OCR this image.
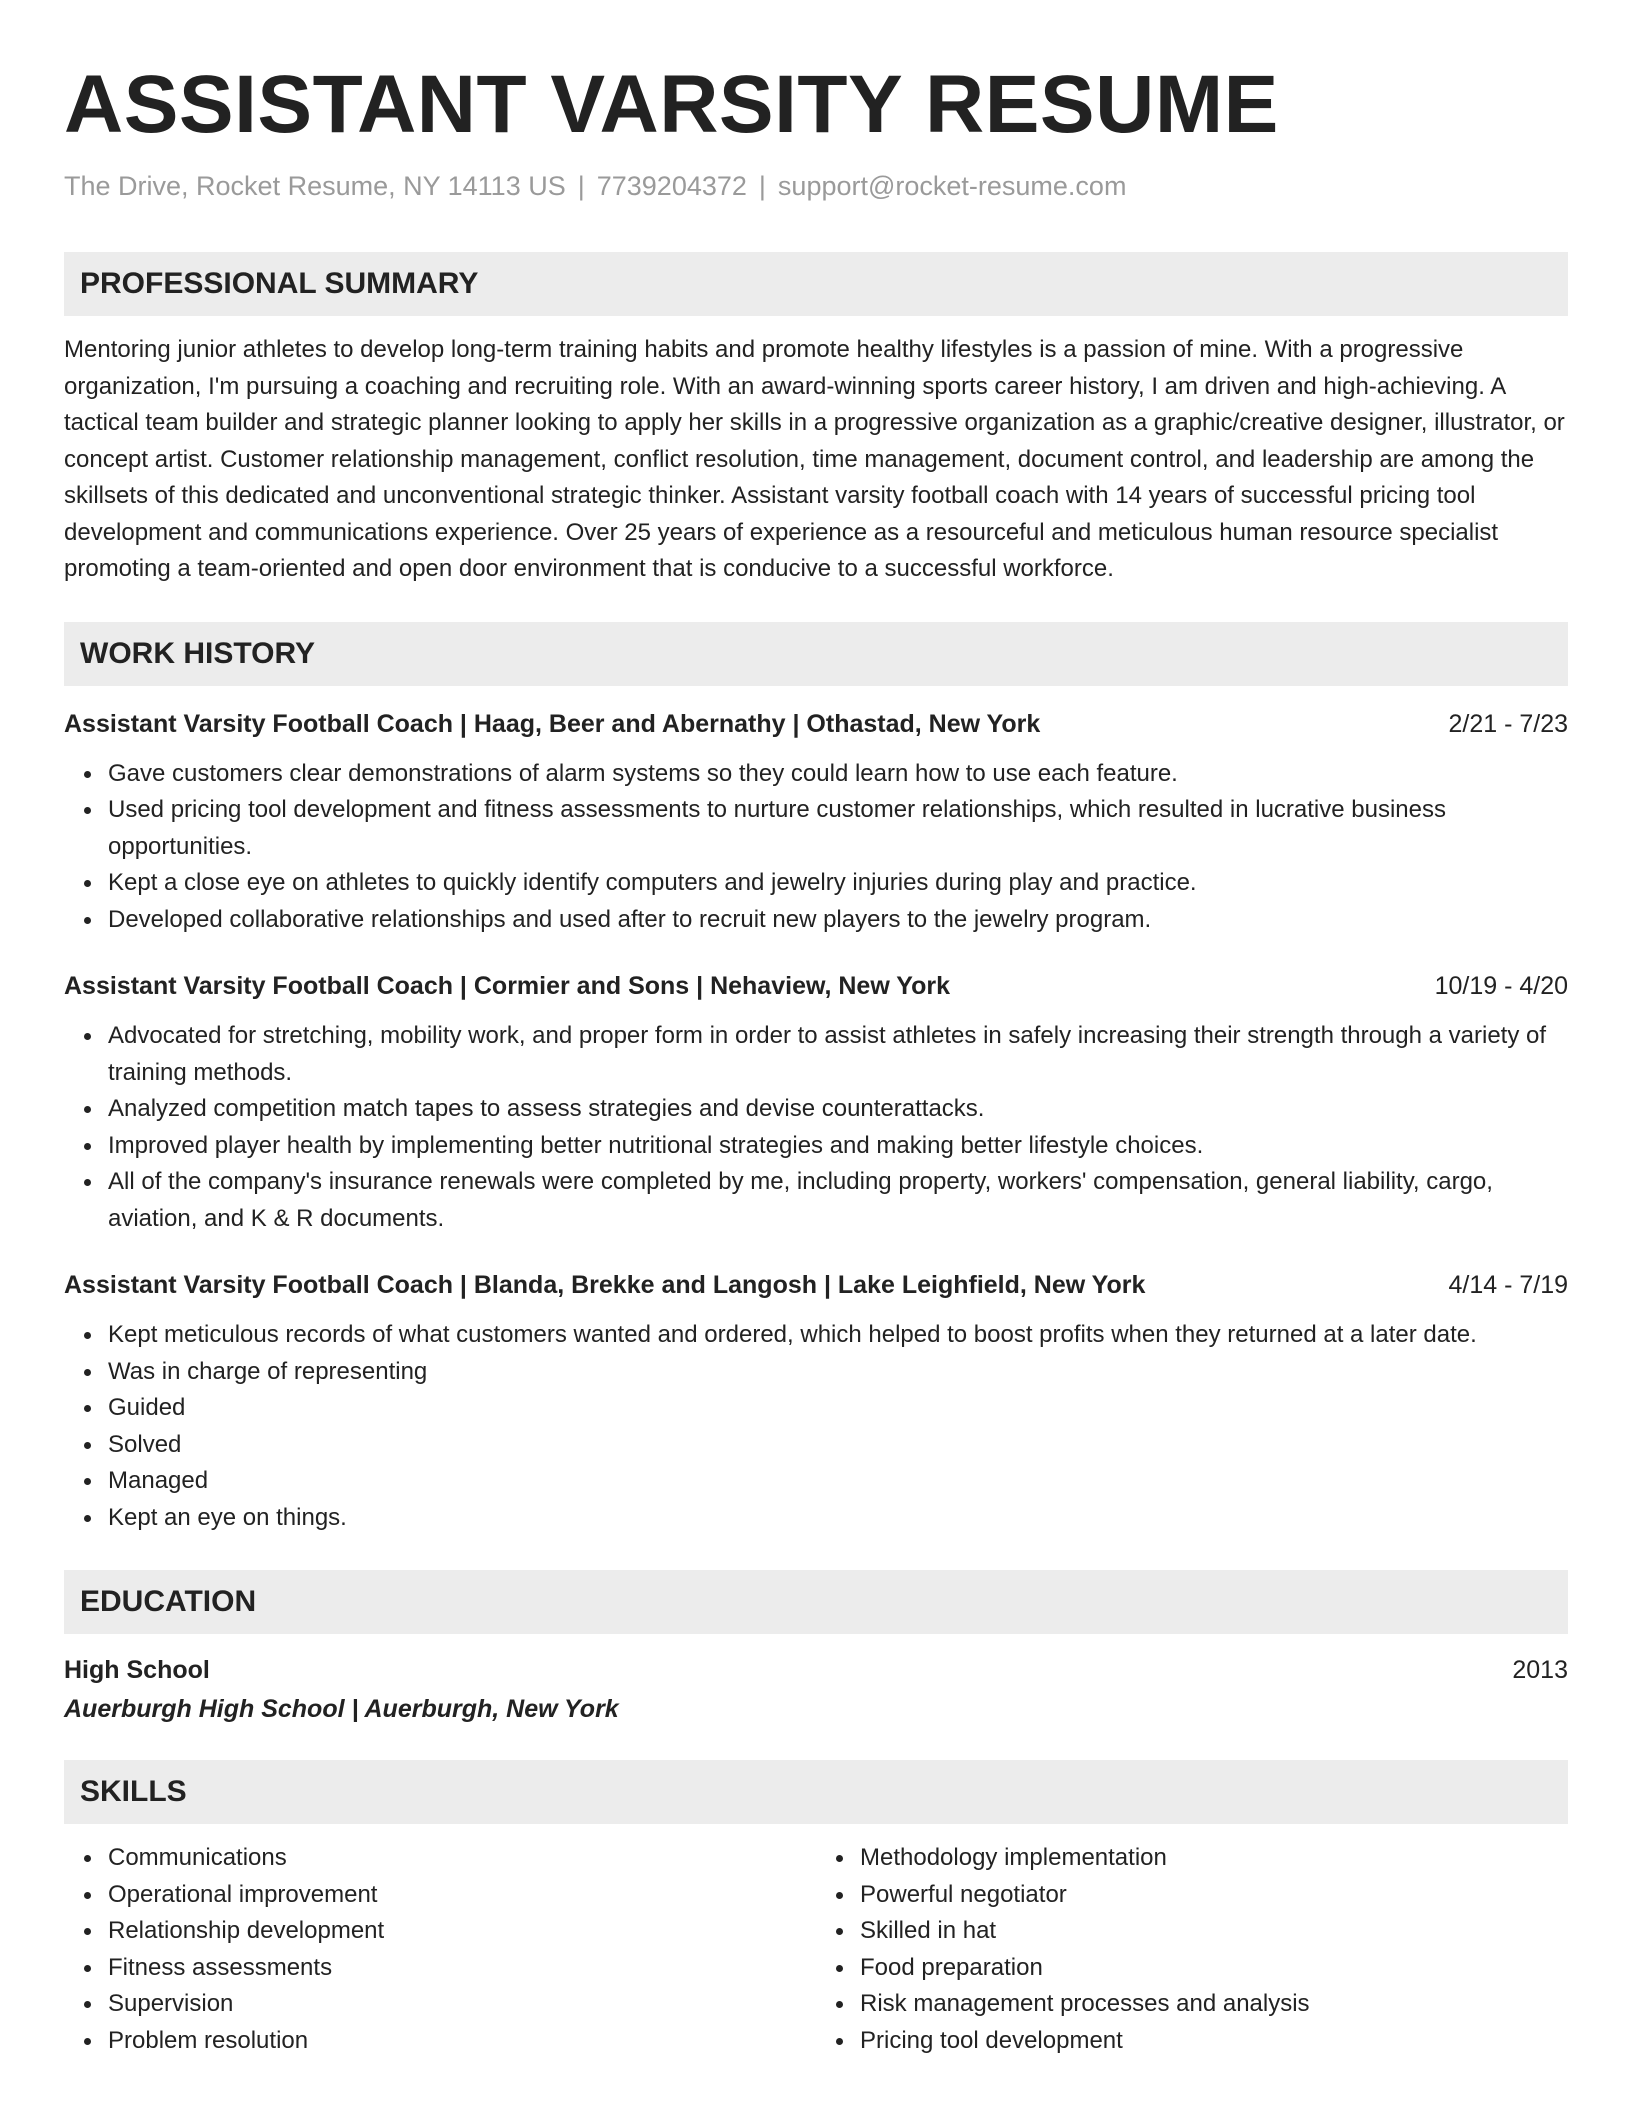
ASSISTANT VARSITY RESUME
The Drive, Rocket Resume, NY 14113 US | 7739204372 | support@rocket-resume.com
PROFESSIONAL SUMMARY

Mentoring junior athletes to develop long-term training habits and promote healthy lifestyles is a passion of mine. With a progressive organization, I'm pursuing a coaching and recruiting role. With an award-winning sports career history, I am driven and high-achieving. A tactical team builder and strategic planner looking to apply her skills in a progressive organization as a graphic/creative designer, illustrator, or concept artist. Customer relationship management, conflict resolution, time management, document control, and leadership are among the skillsets of this dedicated and unconventional strategic thinker. Assistant varsity football coach with 14 years of successful pricing tool development and communications experience. Over 25 years of experience as a resourceful and meticulous human resource specialist promoting a team-oriented and open door environment that is conducive to a successful workforce.

WORK HISTORY
Assistant Varsity Football Coach | Haag, Beer and Abernathy | Othastad, New York	2/21 - 7/23
Gave customers clear demonstrations of alarm systems so they could learn how to use each feature.
Used pricing tool development and fitness assessments to nurture customer relationships, which resulted in lucrative business opportunities.
Kept a close eye on athletes to quickly identify computers and jewelry injuries during play and practice.
Developed collaborative relationships and used after to recruit new players to the jewelry program.
Assistant Varsity Football Coach | Cormier and Sons | Nehaview, New York	10/19 - 4/20
Advocated for stretching, mobility work, and proper form in order to assist athletes in safely increasing their strength through a variety of training methods.
Analyzed competition match tapes to assess strategies and devise counterattacks.
Improved player health by implementing better nutritional strategies and making better lifestyle choices.
All of the company's insurance renewals were completed by me, including property, workers' compensation, general liability, cargo, aviation, and K & R documents.
Assistant Varsity Football Coach | Blanda, Brekke and Langosh | Lake Leighfield, New York	4/14 - 7/19
Kept meticulous records of what customers wanted and ordered, which helped to boost profits when they returned at a later date.
Was in charge of representing
Guided
Solved
Managed
Kept an eye on things.
EDUCATION
High School	2013
Auerburgh High School | Auerburgh, New York
SKILLS
Communications
Operational improvement
Relationship development
Fitness assessments
Supervision
Problem resolution
Methodology implementation
Powerful negotiator
Skilled in hat
Food preparation
Risk management processes and analysis
Pricing tool development
